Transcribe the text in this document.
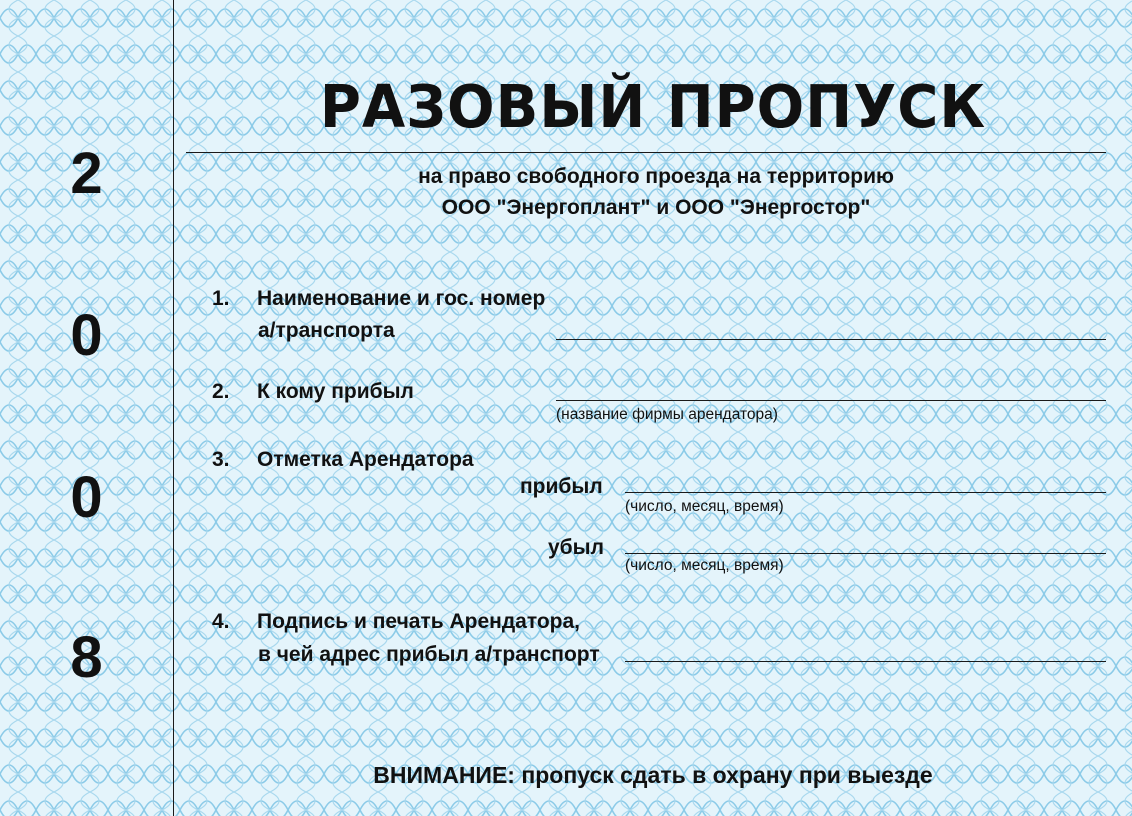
2
0
0
8
РАЗОВЫЙ ПРОПУСК
на право свободного проезда на территорию
ООО "Энергоплант" и ООО "Энергостор"
1. Наименование и гос. номер
а/транспорта
2. К кому прибыл
(название фирмы арендатора)
3. Отметка Арендатора
прибыл
(число, месяц, время)
убыл
(число, месяц, время)
4. Подпись и печать Арендатора,
в чей адрес прибыл а/транспорт
ВНИМАНИЕ: пропуск сдать в охрану при выезде
